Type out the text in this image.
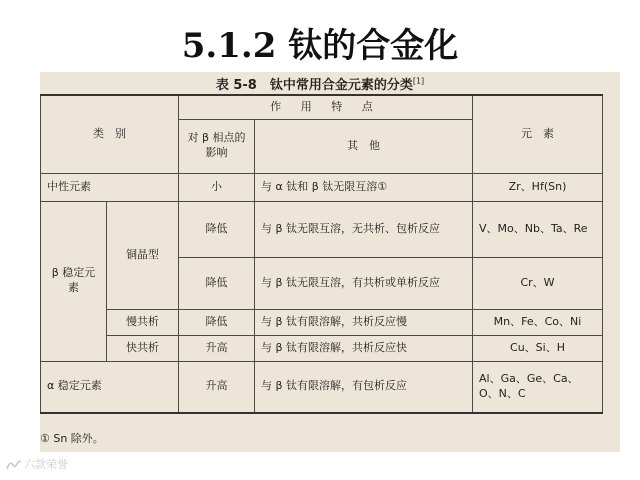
5.1.2 钛的合金化
表 5-8　钛中常用合金元素的分类[1]
类　别		作 用 特 点		元　素
		对 β 相点的影响	其　他	
中性元素		小	与 α 钛和 β 钛无限互溶①	Zr、Hf(Sn)
β 稳定元素	铜晶型	降低	与 β 钛无限互溶，无共析、包析反应	V、Mo、Nb、Ta、Re
		降低	与 β 钛无限互溶，有共析或单析反应	Cr、W
	慢共析	降低	与 β 钛有限溶解，共析反应慢	Mn、Fe、Co、Ni
	快共析	升高	与 β 钛有限溶解，共析反应快	Cu、Si、H
α 稳定元素		升高	与 β 钛有限溶解，有包析反应	Al、Ga、Ge、Ca、O、N、C
① Sn 除外。
六款荣誉
